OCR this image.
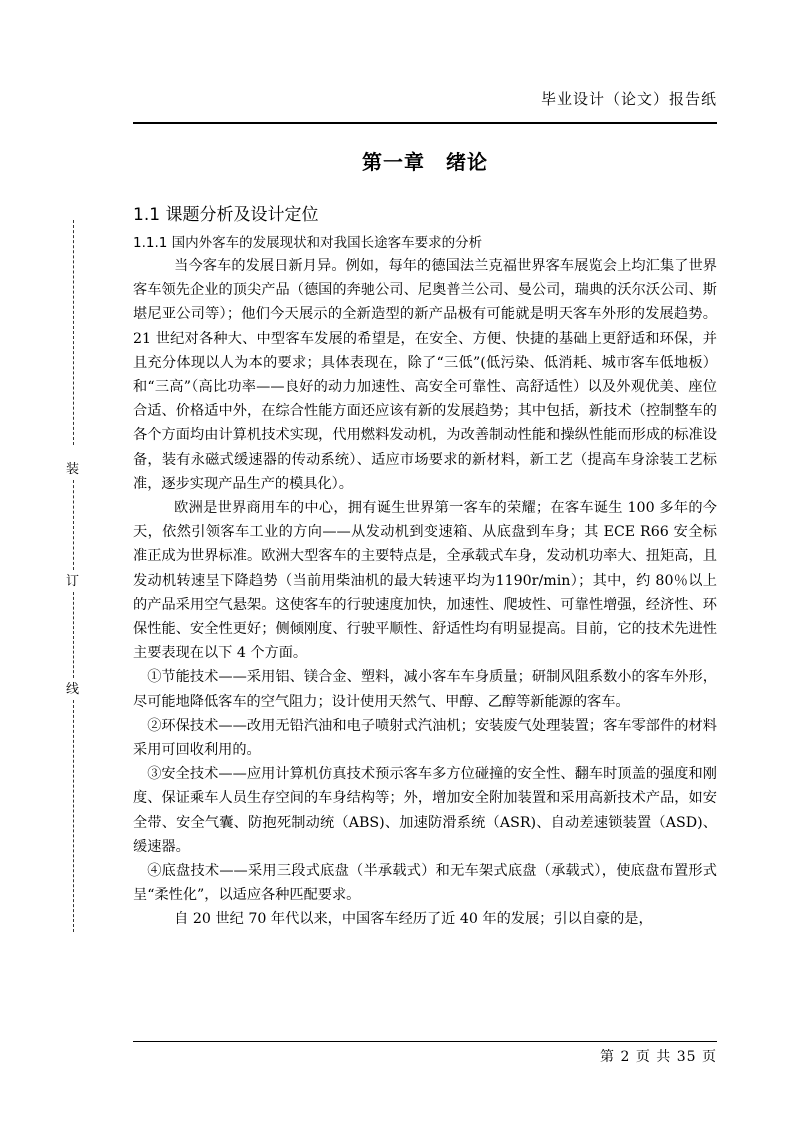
毕业设计（论文）报告纸
装
订
线
第一章　绪论
1.1 课题分析及设计定位
1.1.1 国内外客车的发展现状和对我国长途客车要求的分析

当今客车的发展日新月异。例如，每年的德国法兰克福世界客车展览会上均汇集了世界客车领先企业的顶尖产品（德国的奔驰公司、尼奥普兰公司、曼公司，瑞典的沃尔沃公司、斯堪尼亚公司等）；他们今天展示的全新造型的新产品极有可能就是明天客车外形的发展趋势。21 世纪对各种大、中型客车发展的希望是，在安全、方便、快捷的基础上更舒适和环保，并且充分体现以人为本的要求；具体表现在，除了“三低”(低污染、低消耗、城市客车低地板）和“三高”（高比功率——良好的动力加速性、高安全可靠性、高舒适性）以及外观优美、座位合适、价格适中外，在综合性能方面还应该有新的发展趋势；其中包括，新技术（控制整车的各个方面均由计算机技术实现，代用燃料发动机，为改善制动性能和操纵性能而形成的标准设备，装有永磁式缓速器的传动系统）、适应市场要求的新材料，新工艺（提高车身涂装工艺标准，逐步实现产品生产的模具化）。

欧洲是世界商用车的中心，拥有诞生世界第一客车的荣耀；在客车诞生 100 多年的今天，依然引领客车工业的方向——从发动机到变速箱、从底盘到车身；其 ECE R66 安全标准正成为世界标准。欧洲大型客车的主要特点是，全承载式车身，发动机功率大、扭矩高，且发动机转速呈下降趋势（当前用柴油机的最大转速平均为1190r/min）；其中，约 80％以上的产品采用空气悬架。这使客车的行驶速度加快，加速性、爬坡性、可靠性增强，经济性、环保性能、安全性更好；侧倾刚度、行驶平顺性、舒适性均有明显提高。目前，它的技术先进性主要表现在以下 4 个方面。

①节能技术——采用铝、镁合金、塑料，减小客车车身质量；研制风阻系数小的客车外形，尽可能地降低客车的空气阻力；设计使用天然气、甲醇、乙醇等新能源的客车。

②环保技术——改用无铅汽油和电子喷射式汽油机；安装废气处理装置；客车零部件的材料采用可回收利用的。

③安全技术——应用计算机仿真技术预示客车多方位碰撞的安全性、翻车时顶盖的强度和刚度、保证乘车人员生存空间的车身结构等；外，增加安全附加装置和采用高新技术产品，如安全带、安全气囊、防抱死制动统（ABS)、加速防滑系统（ASR)、自动差速锁装置（ASD)、缓速器。

④底盘技术——采用三段式底盘（半承载式）和无车架式底盘（承载式），使底盘布置形式呈“柔性化”，以适应各种匹配要求。

自 20 世纪 70 年代以来，中国客车经历了近 40 年的发展；引以自豪的是，

第 2 页 共 35 页
